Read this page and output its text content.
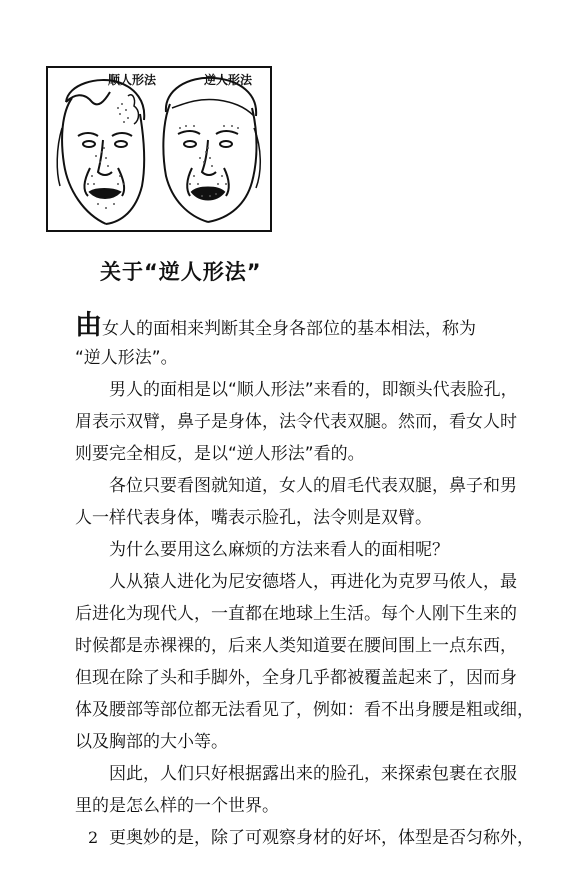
顺人形法	逆人形法
关于“逆人形法”
由女人的面相来判断其全身各部位的基本相法，称为
“逆人形法”。
男人的面相是以“顺人形法”来看的，即额头代表脸孔，
眉表示双臂，鼻子是身体，法令代表双腿。然而，看女人时
则要完全相反，是以“逆人形法”看的。
各位只要看图就知道，女人的眉毛代表双腿，鼻子和男
人一样代表身体，嘴表示脸孔，法令则是双臂。
为什么要用这么麻烦的方法来看人的面相呢？
人从猿人进化为尼安德塔人，再进化为克罗马侬人，最
后进化为现代人，一直都在地球上生活。每个人刚下生来的
时候都是赤裸裸的，后来人类知道要在腰间围上一点东西，
但现在除了头和手脚外，全身几乎都被覆盖起来了，因而身
体及腰部等部位都无法看见了，例如：看不出身腰是粗或细，
以及胸部的大小等。
因此，人们只好根据露出来的脸孔，来探索包裹在衣服
里的是怎么样的一个世界。
更奥妙的是，除了可观察身材的好坏，体型是否匀称外，
2
